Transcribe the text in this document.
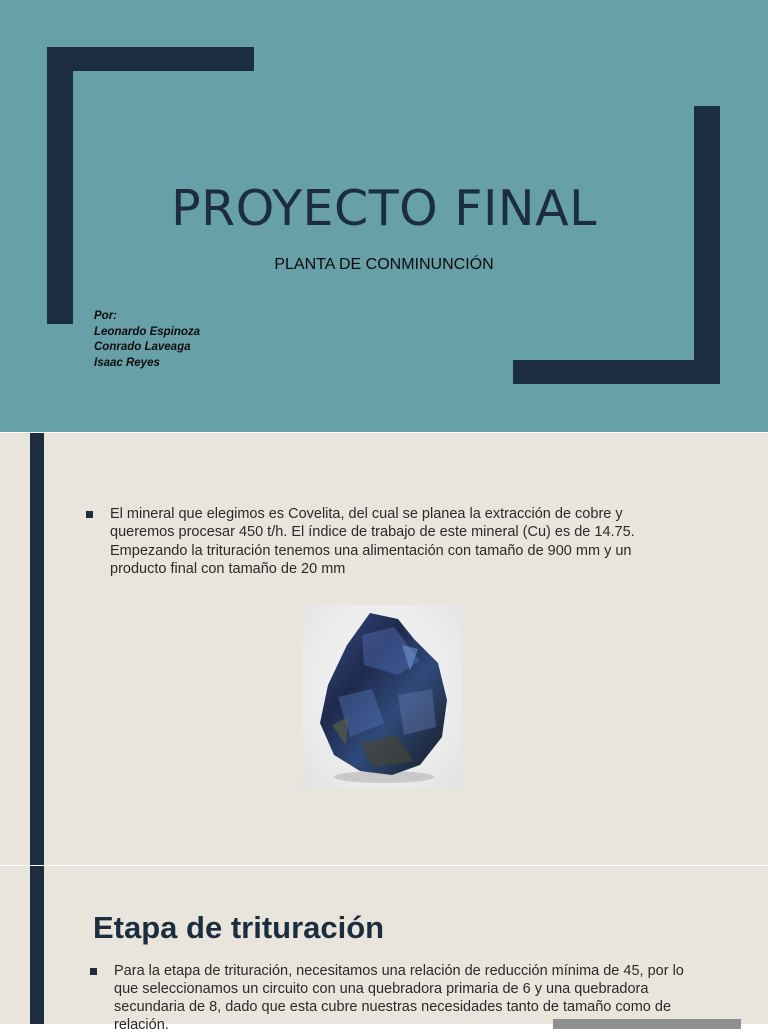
PROYECTO FINAL
PLANTA DE CONMINUNCIÓN
Por:
Leonardo Espinoza
Conrado Laveaga
Isaac Reyes

El mineral que elegimos es Covelita, del cual se planea la extracción de cobre y queremos procesar 450 t/h. El índice de trabajo de este mineral (Cu) es de 14.75. Empezando la trituración tenemos una alimentación con tamaño de 900 mm y un producto final con tamaño de 20 mm

Etapa de trituración

Para la etapa de trituración, necesitamos una relación de reducción mínima de 45, por lo que seleccionamos un circuito con una quebradora primaria de 6 y una quebradora secundaria de 8, dado que esta cubre nuestras necesidades tanto de tamaño como de relación.
